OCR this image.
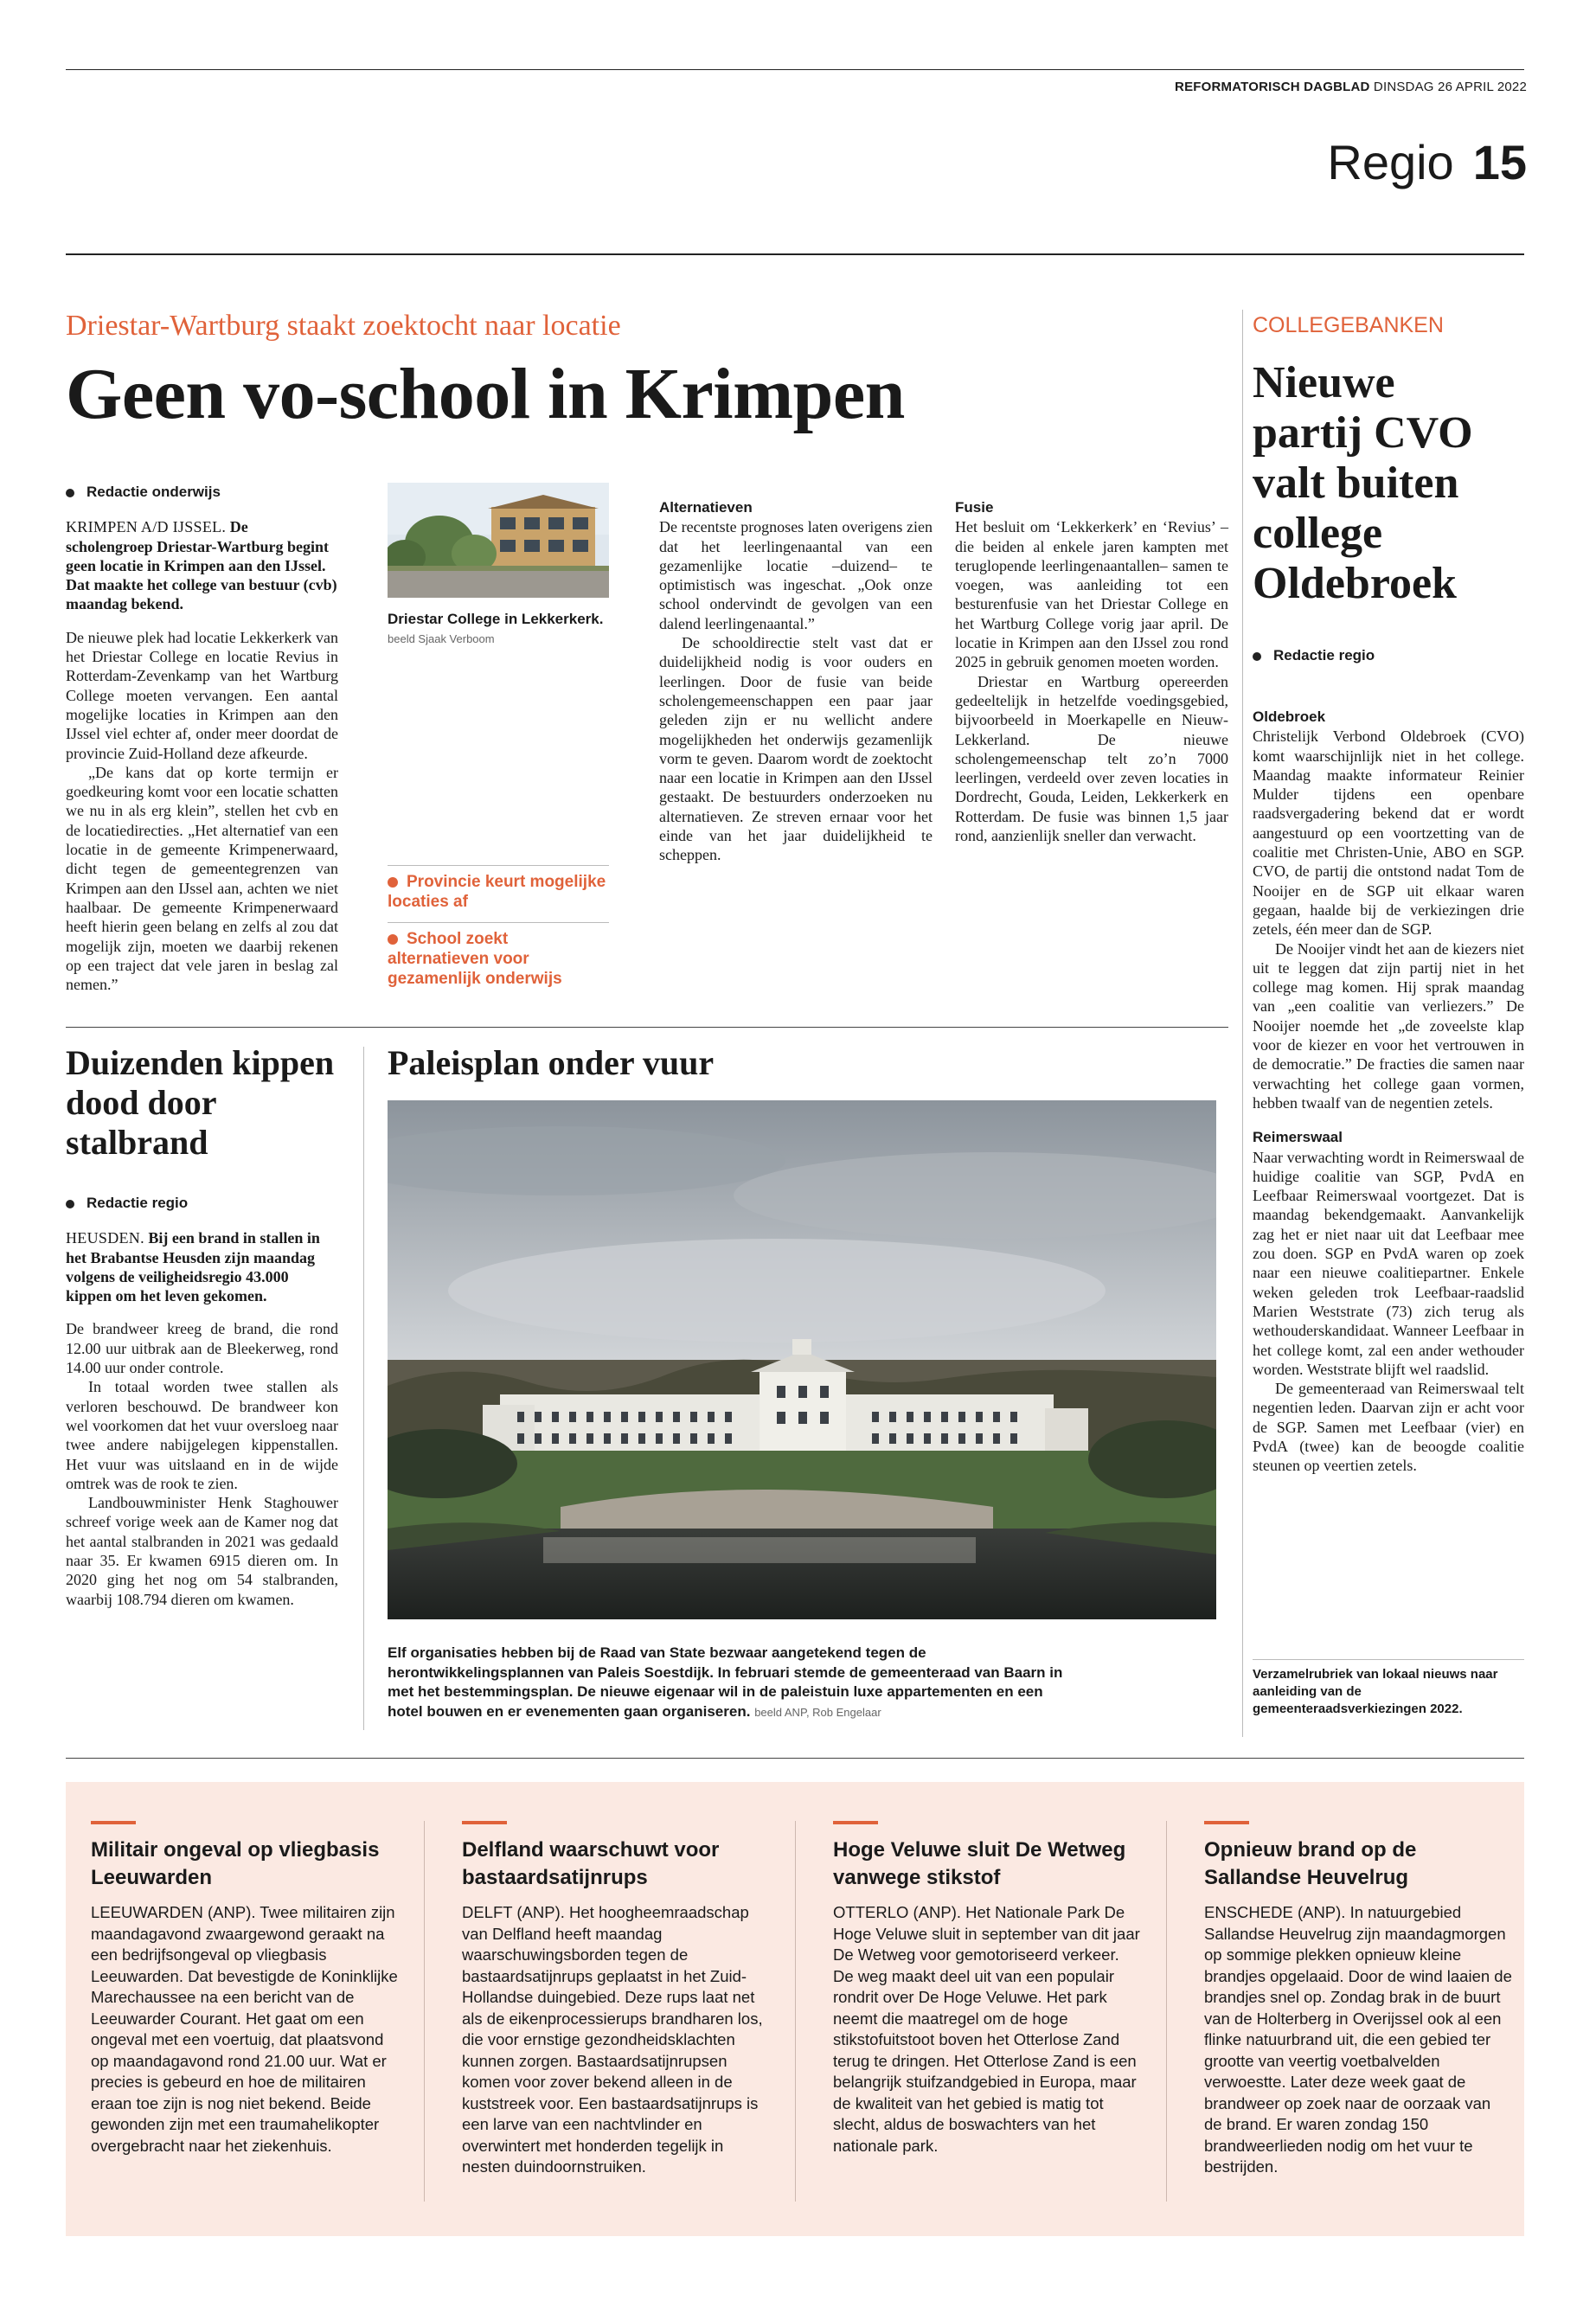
REFORMATORISCH DAGBLAD DINSDAG 26 APRIL 2022
Regio 15
Driestar-Wartburg staakt zoektocht naar locatie
Geen vo-school in Krimpen
Redactie onderwijs

KRIMPEN A/D IJSSEL. De scholengroep Driestar-Wartburg begint geen locatie in Krimpen aan den IJssel. Dat maakte het college van bestuur (cvb) maandag bekend.

De nieuwe plek had locatie Lekkerkerk van het Driestar College en locatie Revius in Rotterdam-Zevenkamp van het Wartburg College moeten vervangen. Een aantal mogelijke locaties in Krimpen aan den IJssel viel echter af, onder meer doordat de provincie Zuid-Holland deze afkeurde.

„De kans dat op korte termijn er goedkeuring komt voor een locatie schatten we nu in als erg klein”, stellen het cvb en de locatiedirecties. „Het alternatief van een locatie in de gemeente Krimpenerwaard, dicht tegen de gemeentegrenzen van Krimpen aan den IJssel aan, achten we niet haalbaar. De gemeente Krimpenerwaard heeft hierin geen belang en zelfs al zou dat mogelijk zijn, moeten we daarbij rekenen op een traject dat vele jaren in beslag zal nemen.”

Driestar College in Lekkerkerk.
beeld Sjaak Verboom
Provincie keurt mogelijke locaties af
School zoekt alternatieven voor gezamenlijk onderwijs

Alternatieven

De recentste prognoses laten overigens zien dat het leerlingenaantal van een gezamenlijke locatie –duizend– te optimistisch was ingeschat. „Ook onze school ondervindt de gevolgen van een dalend leerlingenaantal.”

De schooldirectie stelt vast dat er duidelijkheid nodig is voor ouders en leerlingen. Door de fusie van beide scholengemeenschappen een paar jaar geleden zijn er nu wellicht andere mogelijkheden het onderwijs gezamenlijk vorm te geven. Daarom wordt de zoektocht naar een locatie in Krimpen aan den IJssel gestaakt. De bestuurders onderzoeken nu alternatieven. Ze streven ernaar voor het einde van het jaar duidelijkheid te scheppen.

Fusie

Het besluit om ‘Lekkerkerk’ en ‘Revius’ –die beiden al enkele jaren kampten met teruglopende leerlingenaantallen– samen te voegen, was aanleiding tot een besturenfusie van het Driestar College en het Wartburg College vorig jaar april. De locatie in Krimpen aan den IJssel zou rond 2025 in gebruik genomen moeten worden.

Driestar en Wartburg opereerden gedeeltelijk in hetzelfde voedingsgebied, bijvoorbeeld in Moerkapelle en Nieuw-Lekkerland. De nieuwe scholengemeenschap telt zo’n 7000 leerlingen, verdeeld over zeven locaties in Dordrecht, Gouda, Leiden, Lekkerkerk en Rotterdam. De fusie was binnen 1,5 jaar rond, aanzienlijk sneller dan verwacht.

Duizenden kippen dood door stalbrand
Redactie regio

HEUSDEN. Bij een brand in stallen in het Brabantse Heusden zijn maandag volgens de veiligheidsregio 43.000 kippen om het leven gekomen.

De brandweer kreeg de brand, die rond 12.00 uur uitbrak aan de Bleekerweg, rond 14.00 uur onder controle.

In totaal worden twee stallen als verloren beschouwd. De brandweer kon wel voorkomen dat het vuur oversloeg naar twee andere nabijgelegen kippenstallen. Het vuur was uitslaand en in de wijde omtrek was de rook te zien.

Landbouwminister Henk Staghouwer schreef vorige week aan de Kamer nog dat het aantal stalbranden in 2021 was gedaald naar 35. Er kwamen 6915 dieren om. In 2020 ging het nog om 54 stalbranden, waarbij 108.794 dieren om kwamen.

Paleisplan onder vuur
Elf organisaties hebben bij de Raad van State bezwaar aangetekend tegen de herontwikkelingsplannen van Paleis Soestdijk. In februari stemde de gemeenteraad van Baarn in met het bestemmingsplan. De nieuwe eigenaar wil in de paleistuin luxe appartementen en een hotel bouwen en er evenementen gaan organiseren. beeld ANP, Rob Engelaar
COLLEGEBANKEN
Nieuwe partij CVO valt buiten college Oldebroek
Redactie regio

Oldebroek

Christelijk Verbond Oldebroek (CVO) komt waarschijnlijk niet in het college. Maandag maakte informateur Reinier Mulder tijdens een openbare raadsvergadering bekend dat er wordt aangestuurd op een voortzetting van de coalitie met Christen-Unie, ABO en SGP. CVO, de partij die ontstond nadat Tom de Nooijer en de SGP uit elkaar waren gegaan, haalde bij de verkiezingen drie zetels, één meer dan de SGP.

De Nooijer vindt het aan de kiezers niet uit te leggen dat zijn partij niet in het college mag komen. Hij sprak maandag van „een coalitie van verliezers.” De Nooijer noemde het „de zoveelste klap voor de kiezer en voor het vertrouwen in de democratie.” De fracties die samen naar verwachting het college gaan vormen, hebben twaalf van de negentien zetels.

Reimerswaal

Naar verwachting wordt in Reimerswaal de huidige coalitie van SGP, PvdA en Leefbaar Reimerswaal voortgezet. Dat is maandag bekendgemaakt. Aanvankelijk zag het er niet naar uit dat Leefbaar mee zou doen. SGP en PvdA waren op zoek naar een nieuwe coalitiepartner. Enkele weken geleden trok Leefbaar-raadslid Marien Weststrate (73) zich terug als wethouderskandidaat. Wanneer Leefbaar in het college komt, zal een ander wethouder worden. Weststrate blijft wel raadslid.

De gemeenteraad van Reimerswaal telt negentien leden. Daarvan zijn er acht voor de SGP. Samen met Leefbaar (vier) en PvdA (twee) kan de beoogde coalitie steunen op veertien zetels.

Verzamelrubriek van lokaal nieuws naar aanleiding van de gemeenteraadsverkiezingen 2022.
Militair ongeval op vliegbasis Leeuwarden
LEEUWARDEN (ANP). Twee militairen zijn maandagavond zwaargewond geraakt na een bedrijfsongeval op vliegbasis Leeuwarden. Dat bevestigde de Koninklijke Marechaussee na een bericht van de Leeuwarder Courant. Het gaat om een ongeval met een voertuig, dat plaatsvond op maandagavond rond 21.00 uur. Wat er precies is gebeurd en hoe de militairen eraan toe zijn is nog niet bekend. Beide gewonden zijn met een traumahelikopter overgebracht naar het ziekenhuis.
Delfland waarschuwt voor bastaardsatijnrups
DELFT (ANP). Het hoogheemraadschap van Delfland heeft maandag waarschuwingsborden tegen de bastaardsatijnrups geplaatst in het Zuid-Hollandse duingebied. Deze rups laat net als de eikenprocessierups brandharen los, die voor ernstige gezondheidsklachten kunnen zorgen. Bastaardsatijnrupsen komen voor zover bekend alleen in de kuststreek voor. Een bastaardsatijnrups is een larve van een nachtvlinder en overwintert met honderden tegelijk in nesten duindoornstruiken.
Hoge Veluwe sluit De Wetweg vanwege stikstof
OTTERLO (ANP). Het Nationale Park De Hoge Veluwe sluit in september van dit jaar De Wetweg voor gemotoriseerd verkeer. De weg maakt deel uit van een populair rondrit over De Hoge Veluwe. Het park neemt die maatregel om de hoge stikstofuitstoot boven het Otterlose Zand terug te dringen. Het Otterlose Zand is een belangrijk stuifzandgebied in Europa, maar de kwaliteit van het gebied is matig tot slecht, aldus de boswachters van het nationale park.
Opnieuw brand op de Sallandse Heuvelrug
ENSCHEDE (ANP). In natuurgebied Sallandse Heuvelrug zijn maandagmorgen op sommige plekken opnieuw kleine brandjes opgelaaid. Door de wind laaien de brandjes snel op. Zondag brak in de buurt van de Holterberg in Overijssel ook al een flinke natuurbrand uit, die een gebied ter grootte van veertig voetbalvelden verwoestte. Later deze week gaat de brandweer op zoek naar de oorzaak van de brand. Er waren zondag 150 brandweerlieden nodig om het vuur te bestrijden.
